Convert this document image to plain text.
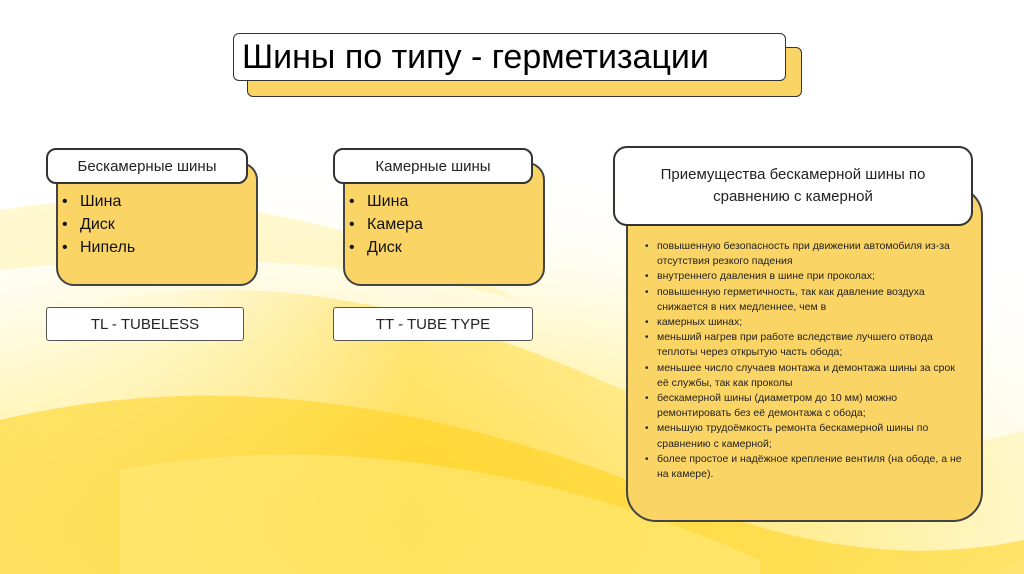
Шины по типу - герметизации
Бескамерные шины
• Шина
• Диск
• Нипель
Камерные шины
• Шина
• Камера
• Диск
TL - TUBELESS	TT - TUBE TYPE
Приемущества бескамерной шины по сравнению с камерной
• повышенную безопасность при движении автомобиля из-за отсутствия резкого падения
• внутреннего давления в шине при проколах;
• повышенную герметичность, так как давление воздуха снижается в них медленнее, чем в
• камерных шинах;
• меньший нагрев при работе вследствие лучшего отвода теплоты через открытую часть обода;
• меньшее число случаев монтажа и демонтажа шины за срок её службы, так как проколы
• бескамерной шины (диаметром до 10 мм) можно ремонтировать без её демонтажа с обода;
• меньшую трудоёмкость ремонта бескамерной шины по сравнению с камерной;
• более простое и надёжное крепление вентиля (на ободе, а не на камере).
